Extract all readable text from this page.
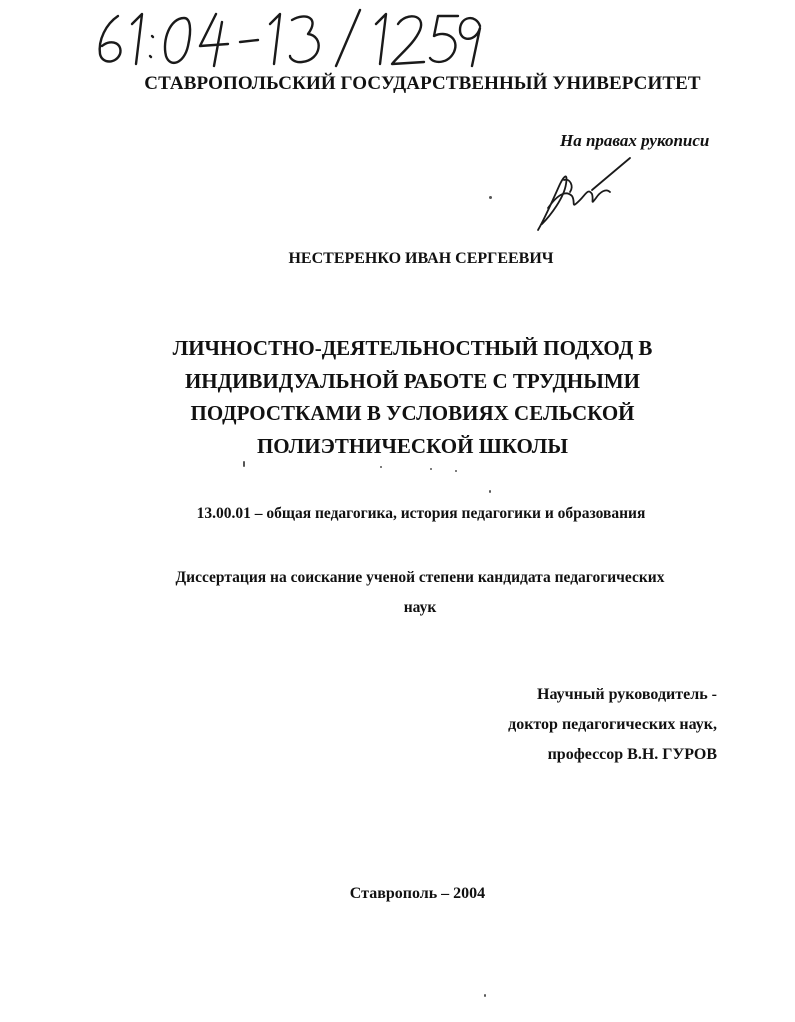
СТАВРОПОЛЬСКИЙ ГОСУДАРСТВЕННЫЙ УНИВЕРСИТЕТ
На правах рукописи
НЕСТЕРЕНКО ИВАН СЕРГЕЕВИЧ
ЛИЧНОСТНО-ДЕЯТЕЛЬНОСТНЫЙ ПОДХОД В
ИНДИВИДУАЛЬНОЙ РАБОТЕ С ТРУДНЫМИ
ПОДРОСТКАМИ В УСЛОВИЯХ СЕЛЬСКОЙ
ПОЛИЭТНИЧЕСКОЙ ШКОЛЫ
13.00.01 – общая педагогика, история педагогики и образования
Диссертация на соискание ученой степени кандидата педагогических
наук
Научный руководитель -
доктор педагогических наук,
профессор В.Н. ГУРОВ
Ставрополь – 2004
